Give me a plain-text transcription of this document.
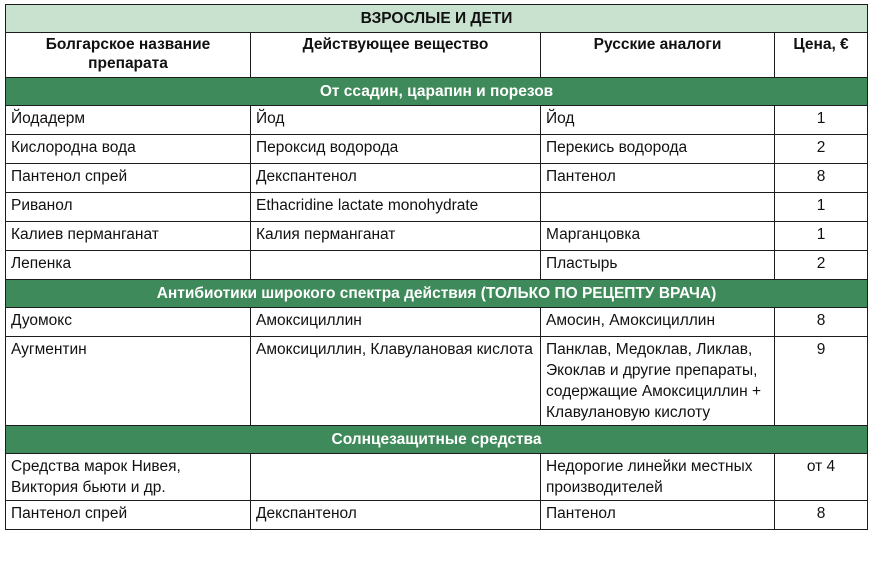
ВЗРОСЛЫЕ И ДЕТИ			
Болгарское название препарата	Действующее вещество	Русские аналоги	Цена, €
От ссадин, царапин и порезов			
Йодадерм	Йод	Йод	1
Кислородна вода	Пероксид водорода	Перекись водорода	2
Пантенол спрей	Декспантенол	Пантенол	8
Риванол	Ethacridine lactate monohydrate		1
Калиев перманганат	Калия перманганат	Марганцовка	1
Лепенка		Пластырь	2
Антибиотики широкого спектра действия (ТОЛЬКО ПО РЕЦЕПТУ ВРАЧА)			
Дуомокс	Амоксициллин	Амосин, Амоксициллин	8
Аугментин	Амоксициллин, Клавулановая кислота	Панклав, Медоклав, Ликлав, Экоклав и другие препараты, содержащие Амоксициллин + Клавулановую кислоту	9
Солнцезащитные средства			
Средства марок Нивея, Виктория бьюти и др.		Недорогие линейки местных производителей	от 4
Пантенол спрей	Декспантенол	Пантенол	8
